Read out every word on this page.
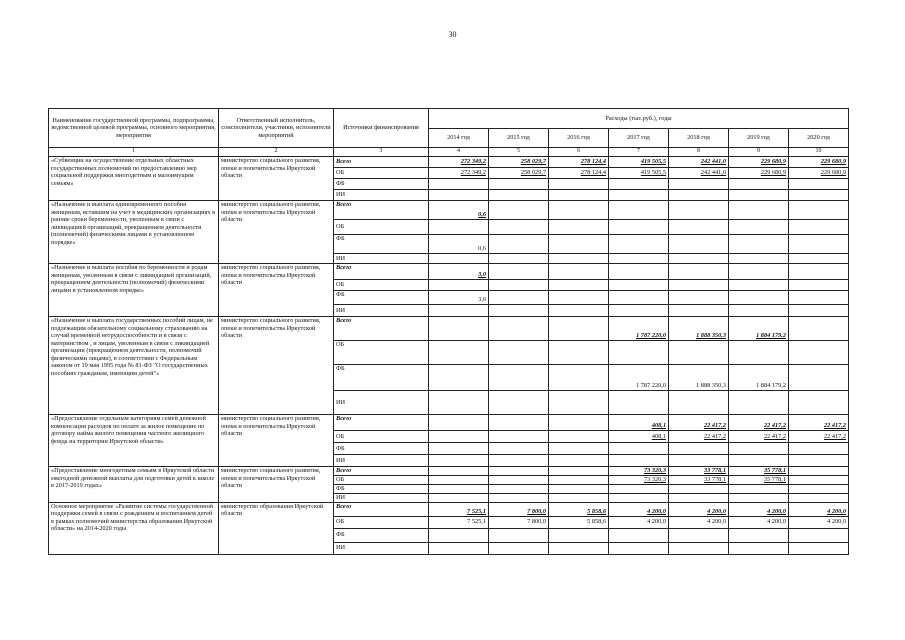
30
Наименование государственной программы, подпрограммы, ведомственной целевой программы, основного мероприятия, мероприятия	Ответственный исполнитель, соисполнители, участники, исполнители мероприятий	Источники финансирования	Расходы (тыс.руб.), годы						
			2014 год	2015 год	2016 год	2017 год	2018 год	2019 год	2020 год
1	2	3	4	5	6	7	8	9	10
«Субвенции на осуществление отдельных областных государственных полномочий по предоставлению мер социальной поддержки многодетным и малоимущим семьям»	министерство социального развития, опеки и попечительства Иркутской области	Всего	272 349,2	258 029,7	278 124,4	419 505,5	242 441,0	229 680,9	229 680,9
		ОБ	272 349,2	258 029,7	278 124,4	419 505,5	242 441,0	229 680,9	229 680,9
		ФБ							
		ИИ							
«Назначение и выплата единовременного пособия женщинам, вставшим на учет в медицинских организациях в ранние сроки беременности, уволенным в связи с ликвидацией организаций, прекращением деятельности (полномочий) физическими лицами в установленном порядке»	министерство социального развития, опеки и попечительства Иркутской области	Всего	0,6						
		ОБ							
		ФБ	0,6						
		ИИ							
«Назначение и выплата пособия по беременности и родам женщинам, уволенным в связи с ликвидацией организаций, прекращением деятельности (полномочий) физическими лицами в установленном порядке»	министерство социального развития, опеки и попечительства Иркутской области	Всего	3,0						
		ОБ							
		ФБ	3,0						
		ИИ							
«Назначение и выплата государственных пособий лицам, не подлежащим обязательному социальному страхованию на случай временной нетрудоспособности и в связи с материнством , и лицам, уволенным в связи с ликвидацией организации (прекращением деятельности, полномочий физическими лицами), в соответствии с Федеральным законом от 19 мая 1995 года № 81-ФЗ "О государственных пособиях гражданам, имеющим детей"»	министерство социального развития, опеки и попечительства Иркутской области	Всего				1 787 220,0	1 888 350,3	1 884 179,2	
		ОБ							
		ФБ				1 787 220,0	1 888 350,3	1 884 179,2	
		ИИ							
«Предоставление отдельным категориям семей денежной компенсации расходов по оплате за жилое помещение по договору найма жилого помещения частного жилищного фонда на территории Иркутской области»	министерство социального развития, опеки и попечительства Иркутской области	Всего				408,1	22 417,2	22 417,2	22 417,2
		ОБ				408,1	22 417,2	22 417,2	22 417,2
		ФБ							
		ИИ							
«Предоставление многодетным семьям в Иркутской области ежегодной денежной выплаты для подготовки детей к школе в 2017-2019 годах»	министерство социального развития, опеки и попечительства Иркутской области	Всего				73 320,3	33 778,1	35 778,1	
		ОБ				73 320,3	33 778,1	35 778,1	
		ФБ							
		ИИ							
Основное мероприятие «Развитие системы государственной поддержки семей в связи с рождением и воспитанием детей в рамках полномочий министерства образования Иркутской области» на 2014-2020 годы	министерство образования Иркутской области	Всего	7 525,1	7 800,0	5 858,6	4 200,0	4 200,0	4 200,0	4 200,0
		ОБ	7 525,1	7 800,0	5 858,6	4 200,0	4 200,0	4 200,0	4 200,0
		ФБ							
		ИИ							
